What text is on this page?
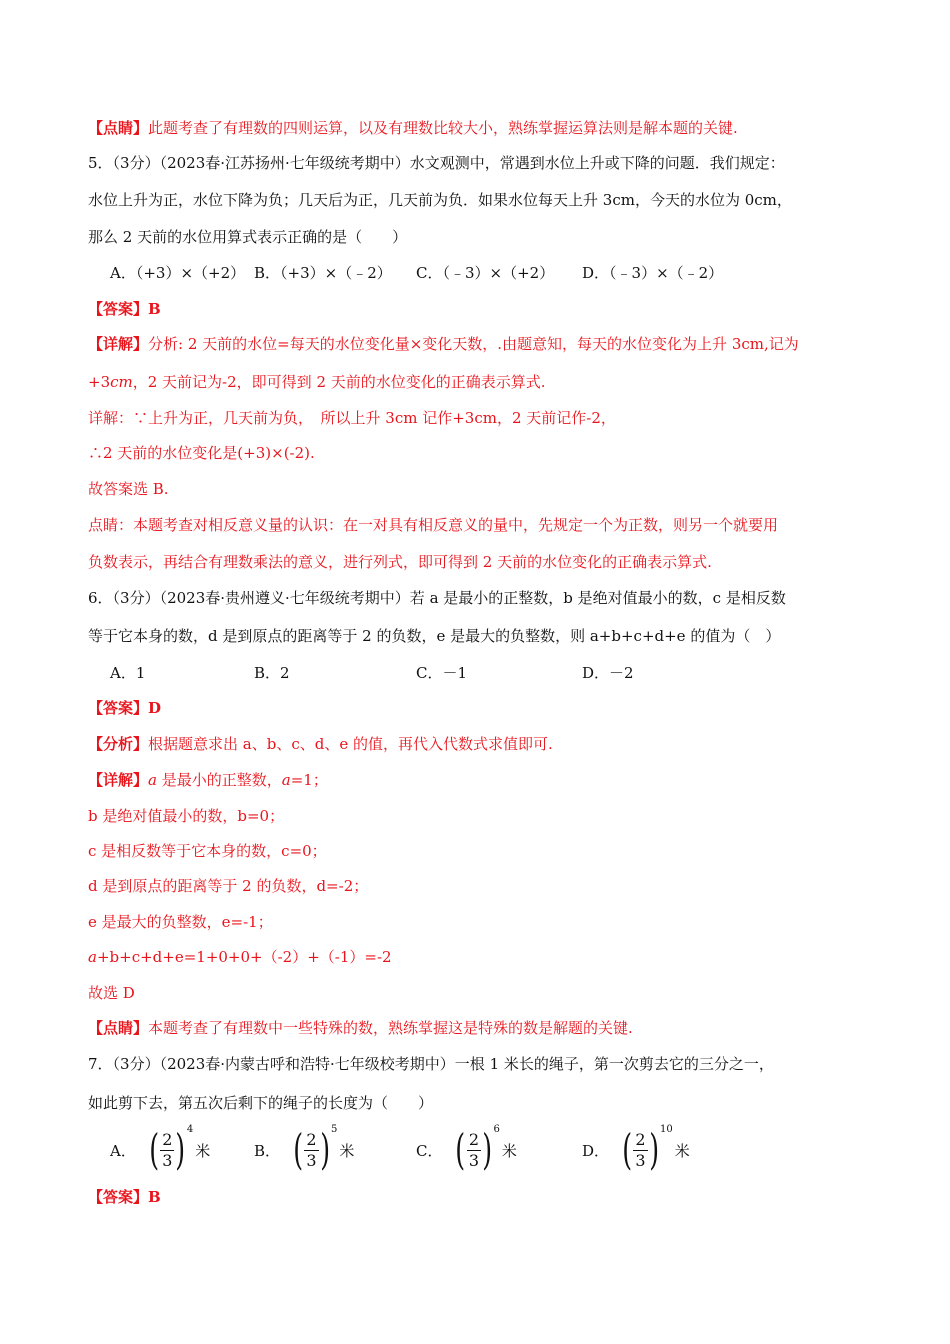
【点睛】此题考查了有理数的四则运算，以及有理数比较大小，熟练掌握运算法则是解本题的关键.
5．（3分）（2023春·江苏扬州·七年级统考期中）水文观测中，常遇到水位上升或下降的问题．我们规定：
水位上升为正，水位下降为负；几天后为正，几天前为负．如果水位每天上升 3cm，今天的水位为 0cm，
那么 2 天前的水位用算式表示正确的是（　　）
A．（+3）×（+2） B．（+3）×（﹣2） C．（﹣3）×（+2） D．（﹣3）×（﹣2）
【答案】B
【详解】分析: 2 天前的水位=每天的水位变化量×变化天数，.由题意知，每天的水位变化为上升 3cm,记为
+3cm，2 天前记为-2，即可得到 2 天前的水位变化的正确表示算式.
详解：∵上升为正，几天前为负，　所以上升 3cm 记作+3cm，2 天前记作-2，
∴2 天前的水位变化是(+3)×(-2).
故答案选 B.
点睛：本题考查对相反意义量的认识：在一对具有相反意义的量中，先规定一个为正数，则另一个就要用
负数表示，再结合有理数乘法的意义，进行列式，即可得到 2 天前的水位变化的正确表示算式.
6．（3分）（2023春·贵州遵义·七年级统考期中）若 a 是最小的正整数，b 是绝对值最小的数，c 是相反数
等于它本身的数，d 是到原点的距离等于 2 的负数，e 是最大的负整数，则 a+b+c+d+e 的值为（　）
A．1	B．2	C．－1	D．－2
【答案】D
【分析】根据题意求出 a、b、c、d、e 的值，再代入代数式求值即可.
【详解】a 是最小的正整数，a=1；
b 是绝对值最小的数，b=0；
c 是相反数等于它本身的数，c=0；
d 是到原点的距离等于 2 的负数，d=-2；
e 是最大的负整数，e=-1；
a+b+c+d+e=1+0+0+（-2）+（-1）=-2
故选 D
【点睛】本题考查了有理数中一些特殊的数，熟练掌握这是特殊的数是解题的关键.
7．（3分）（2023春·内蒙古呼和浩特·七年级校考期中）一根 1 米长的绳子，第一次剪去它的三分之一，
如此剪下去，第五次后剩下的绳子的长度为（　　）
A． ( $\frac{2}{3}$ ) 4
米	B． ( $\frac{2}{3}$ ) 5
米	C． ( $\frac{2}{3}$ ) 6
米	D． ( $\frac{2}{3}$ ) 10
米
【答案】B
